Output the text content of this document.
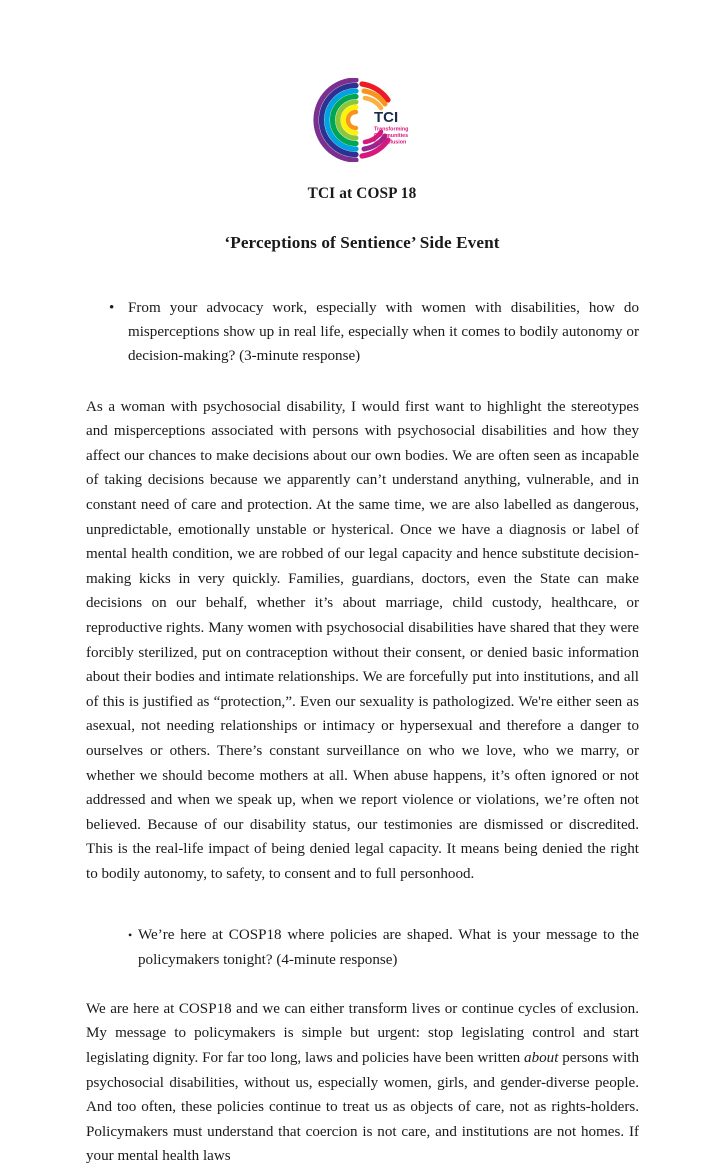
TCI
Transforming
Communities
for Inclusion
TCI at COSP 18
‘Perceptions of Sentience’ Side Event
• From your advocacy work, especially with women with disabilities, how do misperceptions show up in real life, especially when it comes to bodily autonomy or decision-making? (3-minute response)

As a woman with psychosocial disability, I would first want to highlight the stereotypes and misperceptions associated with persons with psychosocial disabilities and how they affect our chances to make decisions about our own bodies. We are often seen as incapable of taking decisions because we apparently can’t understand anything, vulnerable, and in constant need of care and protection. At the same time, we are also labelled as dangerous, unpredictable, emotionally unstable or hysterical. Once we have a diagnosis or label of mental health condition, we are robbed of our legal capacity and hence substitute decision-making kicks in very quickly. Families, guardians, doctors, even the State can make decisions on our behalf, whether it’s about marriage, child custody, healthcare, or reproductive rights. Many women with psychosocial disabilities have shared that they were forcibly sterilized, put on contraception without their consent, or denied basic information about their bodies and intimate relationships. We are forcefully put into institutions, and all of this is justified as “protection,”. Even our sexuality is pathologized. We're either seen as asexual, not needing relationships or intimacy or hypersexual and therefore a danger to ourselves or others. There’s constant surveillance on who we love, who we marry, or whether we should become mothers at all. When abuse happens, it’s often ignored or not addressed and when we speak up, when we report violence or violations, we’re often not believed. Because of our disability status, our testimonies are dismissed or discredited. This is the real-life impact of being denied legal capacity. It means being denied the right to bodily autonomy, to safety, to consent and to full personhood.

• We’re here at COSP18 where policies are shaped. What is your message to the policymakers tonight? (4-minute response)

We are here at COSP18 and we can either transform lives or continue cycles of exclusion. My message to policymakers is simple but urgent: stop legislating control and start legislating dignity. For far too long, laws and policies have been written about persons with psychosocial disabilities, without us, especially women, girls, and gender-diverse people. And too often, these policies continue to treat us as objects of care, not as rights-holders. Policymakers must understand that coercion is not care, and institutions are not homes. If your mental health laws
